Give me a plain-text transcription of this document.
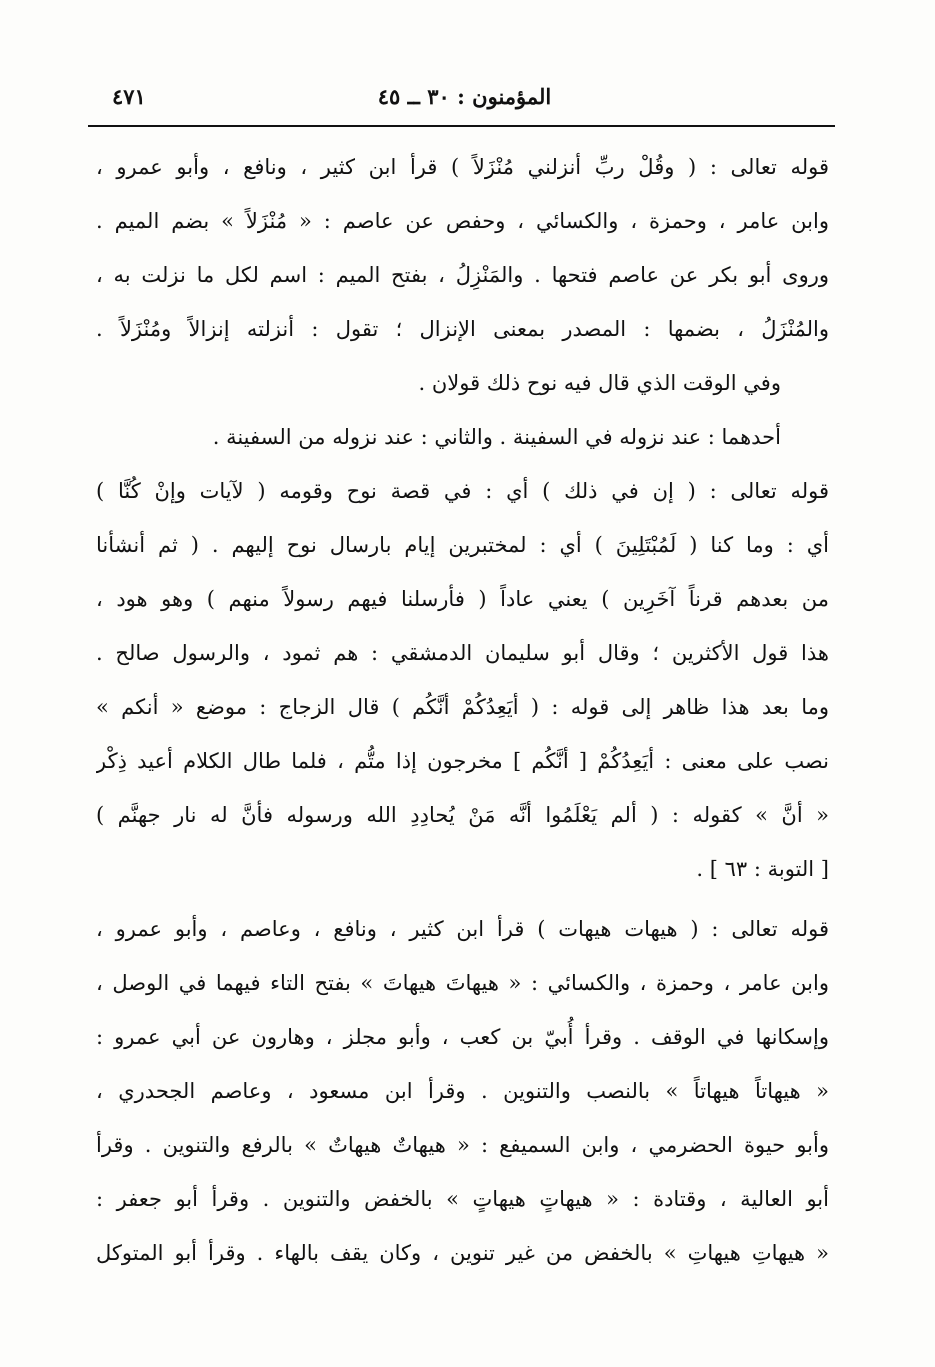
المؤمنون : ٣٠ ــ ٤٥
٤٧١
قوله تعالى : ( وقُلْ ربِّ أنزلني مُنْزَلاً ) قرأ ابن كثير ، ونافع ، وأبو عمرو ،
وابن عامر ، وحمزة ، والكسائي ، وحفص عن عاصم : « مُنْزَلاً » بضم الميم .
وروى أبو بكر عن عاصم فتحها . والمَنْزِلُ ، بفتح الميم : اسم لكل ما نزلت به ،
والمُنْزَلُ ، بضمها : المصدر بمعنى الإنزال ؛ تقول : أنزلته إنزالاً ومُنْزَلاً .
وفي الوقت الذي قال فيه نوح ذلك قولان .
أحدهما : عند نزوله في السفينة . والثاني : عند نزوله من السفينة .
قوله تعالى : ( إن في ذلك ) أي : في قصة نوح وقومه ( لآيات وإنْ كُنَّا )
أي : وما كنا ( لَمُبْتَلِينَ ) أي : لمختبرين إيام بارسال نوح إليهم . ( ثم أنشأنا
من بعدهم قرناً آخَرِين ) يعني عاداً ( فأرسلنا فيهم رسولاً منهم ) وهو هود ،
هذا قول الأكثرين ؛ وقال أبو سليمان الدمشقي : هم ثمود ، والرسول صالح .
وما بعد هذا ظاهر إلى قوله : ( أيَعِدُكُمْ أنَّكُم ) قال الزجاج : موضع « أنكم »
نصب على معنى : أيَعِدُكُمْ [ أنَّكُم ] مخرجون إذا متُّم ، فلما طال الكلام أعيد ذِكْر
« أنَّ » كقوله : ( ألم يَعْلَمُوا أنَّه مَنْ يُحادِدِ الله ورسوله فأنَّ له نار جهنَّم )
[ التوبة : ٦٣ ] .
قوله تعالى : ( هيهات هيهات ) قرأ ابن كثير ، ونافع ، وعاصم ، وأبو عمرو ،
وابن عامر ، وحمزة ، والكسائي : « هيهاتَ هيهاتَ » بفتح التاء فيهما في الوصل ،
وإسكانها في الوقف . وقرأ أُبيّ بن كعب ، وأبو مجلز ، وهارون عن أبي عمرو :
« هيهاتاً هيهاتاً » بالنصب والتنوين . وقرأ ابن مسعود ، وعاصم الجحدري ،
وأبو حيوة الحضرمي ، وابن السميفع : « هيهاتٌ هيهاتٌ » بالرفع والتنوين . وقرأ
أبو العالية ، وقتادة : « هيهاتٍ هيهاتٍ » بالخفض والتنوين . وقرأ أبو جعفر :
« هيهاتِ هيهاتِ » بالخفض من غير تنوين ، وكان يقف بالهاء . وقرأ أبو المتوكل
